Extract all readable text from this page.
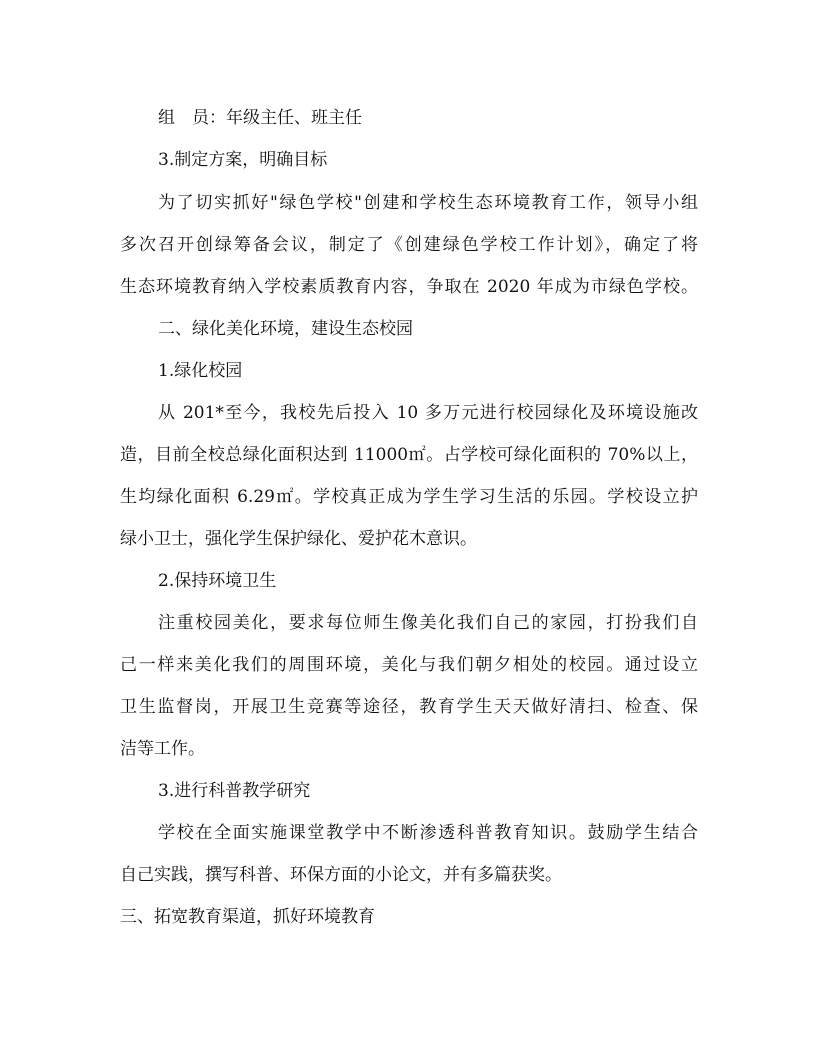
组　员：年级主任、班主任
3.制定方案，明确目标
为了切实抓好"绿色学校"创建和学校生态环境教育工作，领导小组
多次召开创绿筹备会议，制定了《创建绿色学校工作计划》，确定了将
生态环境教育纳入学校素质教育内容，争取在 2020 年成为市绿色学校。
二、绿化美化环境，建设生态校园
1.绿化校园
从 201*至今，我校先后投入 10 多万元进行校园绿化及环境设施改
造，目前全校总绿化面积达到 11000㎡。占学校可绿化面积的 70%以上，
生均绿化面积 6.29㎡。学校真正成为学生学习生活的乐园。学校设立护
绿小卫士，强化学生保护绿化、爱护花木意识。
2.保持环境卫生
注重校园美化，要求每位师生像美化我们自己的家园，打扮我们自
己一样来美化我们的周围环境，美化与我们朝夕相处的校园。通过设立
卫生监督岗，开展卫生竞赛等途径，教育学生天天做好清扫、检查、保
洁等工作。
3.进行科普教学研究
学校在全面实施课堂教学中不断渗透科普教育知识。鼓励学生结合
自己实践，撰写科普、环保方面的小论文，并有多篇获奖。
三、拓宽教育渠道，抓好环境教育
